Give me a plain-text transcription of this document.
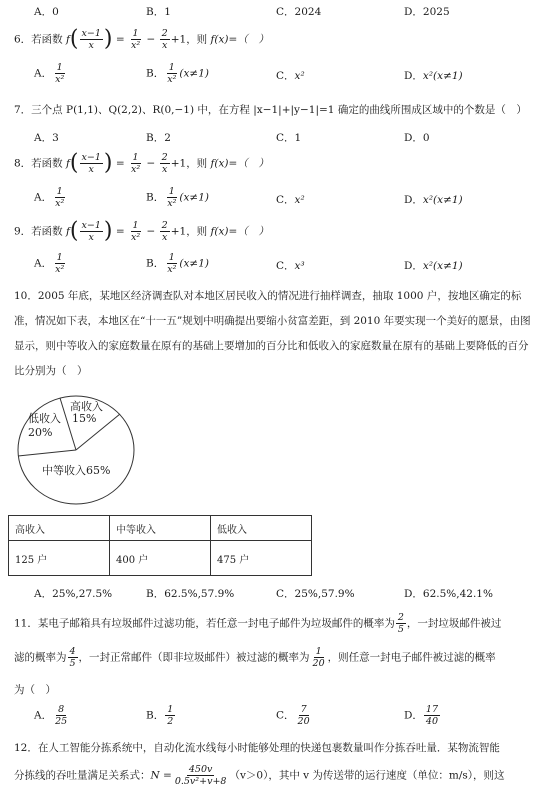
A．0	B．1	C．2024	D．2025
6．若函数 $f( \frac{x-1}{x}$ ) = $\frac{1}{\text{x²}} - \frac{2}{x} +1$，则 f(x)=（　）
A． $\frac{1}{\text{x²}}$	B． $\frac{1}{\text{x²}} (x\ne 1)$	C．x²	D．x²(x≠1)
7．三个点 P(1,1)、Q(2,2)、R(0,−1) 中，在方程 |x−1|+|y−1|=1 确定的曲线所围成区域中的个数是（　）
A．3	B．2	C．1	D．0
8．若函数 $f( \frac{x-1}{x}$ ) = $\frac{1}{\text{x²}} - \frac{2}{x} +1$，则 f(x)=（　）
A． $\frac{1}{\text{x²}}$	B． $\frac{1}{\text{x²}} (x\ne 1)$	C．x²	D．x²(x≠1)
9．若函数 $f( \frac{x-1}{x}$ ) = $\frac{1}{\text{x²}} - \frac{2}{x} +1$，则 f(x)=（　）
A． $\frac{1}{\text{x²}}$	B． $\frac{1}{\text{x²}} (x\ne 1)$	C．x³	D．x²(x≠1)
10．2005 年底，某地区经济调查队对本地区居民收入的情况进行抽样调查，抽取 1000 户，按地区确定的标准，情况如下表，本地区在“十一五”规划中明确提出要缩小贫富差距，到 2010 年要实现一个美好的愿景，由图显示，则中等收入的家庭数量在原有的基础上要增加的百分比和低收入的家庭数量在原有的基础上要降低的百分比分别为（　）
高收入
15%
低收入
20%
中等收入65%
高收入	中等收入	低收入
125 户	400 户	475 户
A．25%,27.5%	B．62.5%,57.9%	C．25%,57.9%	D．62.5%,42.1%
11．某电子邮箱具有垃圾邮件过滤功能，若任意一封电子邮件为垃圾邮件的概率为 $\frac{2}{5}$ ，一封垃圾邮件被过
滤的概率为 $\frac{4}{5}$ ，一封正常邮件（即非垃圾邮件）被过滤的概率为 $\frac{1}{20}$ ，则任意一封电子邮件被过滤的概率
为（　）
A． $\frac{8}{25}$	B． $\frac{1}{2}$	C． $\frac{7}{20}$	D． $\frac{17}{40}$
12．在人工智能分拣系统中，自动化流水线每小时能够处理的快递包裹数量叫作分拣吞吐量．某物流智能
分拣线的吞吐量满足关系式：$N = \frac{450v}{\text{0.5v²+v+8}} (v>0)$，其中 v 为传送带的运行速度（单位：m/s），则这
